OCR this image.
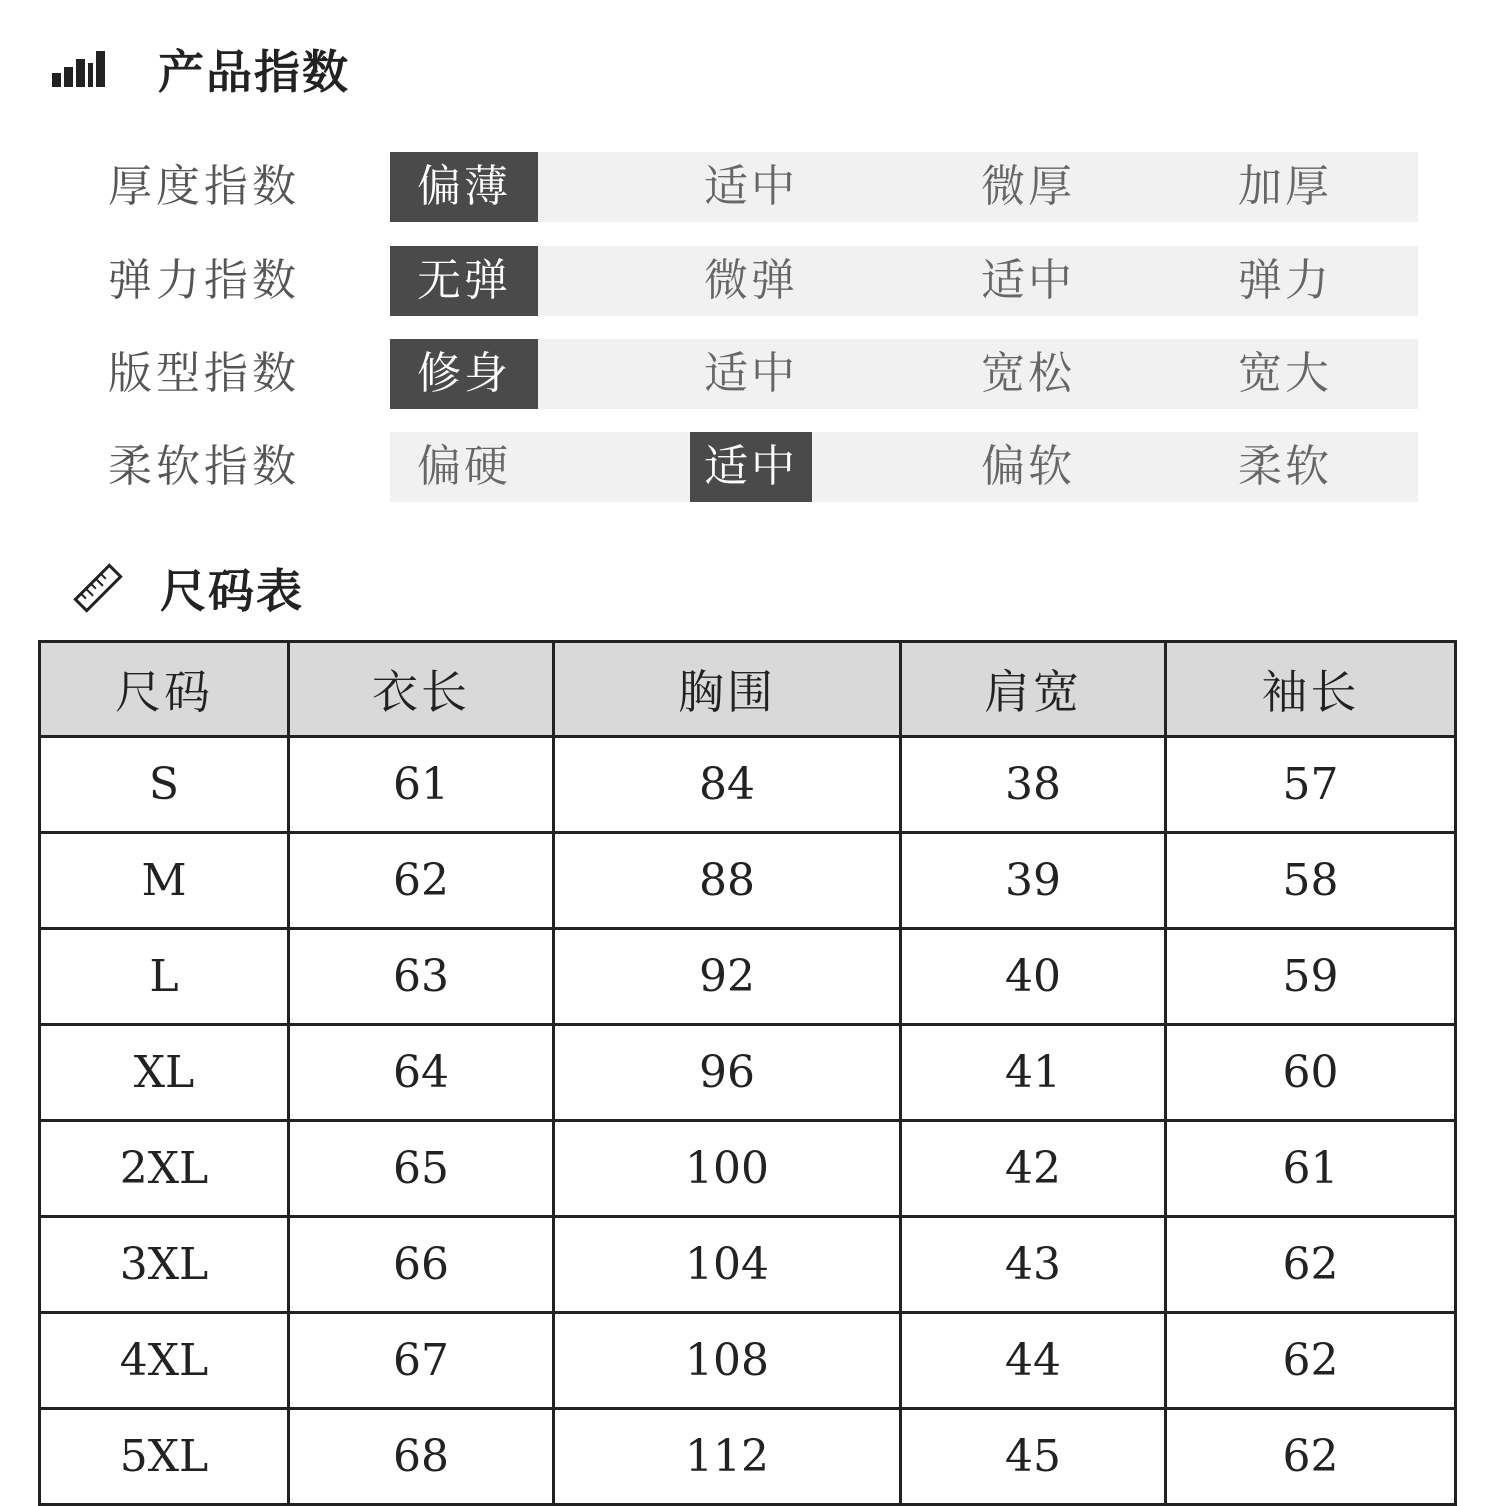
产品指数
厚度指数	偏薄	适中	微厚	加厚
弹力指数	无弹	微弹	适中	弹力
版型指数	修身	适中	宽松	宽大
柔软指数	偏硬	适中	偏软	柔软
尺码表
尺码	衣长	胸围	肩宽	袖长
S	61	84	38	57
M	62	88	39	58
L	63	92	40	59
XL	64	96	41	60
2XL	65	100	42	61
3XL	66	104	43	62
4XL	67	108	44	62
5XL	68	112	45	62
